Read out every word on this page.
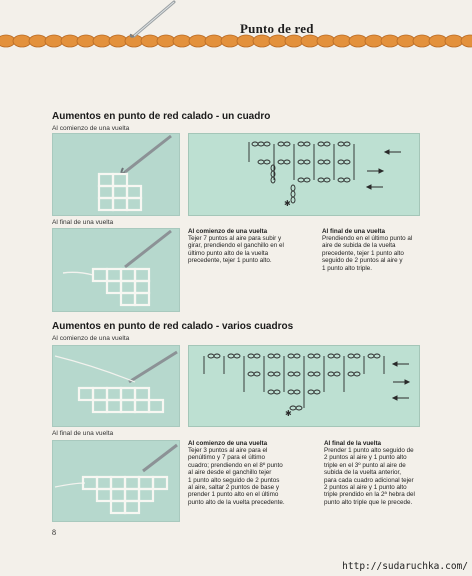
Punto de red
Aumentos en punto de red calado - un cuadro
Al comienzo de una vuelta
✱
Al final de una vuelta
Al comienzo de una vuelta
Tejer 7 puntos al aire para subir y
girar, prendiendo el ganchillo en el
último punto alto de la vuelta
precedente, tejer 1 punto alto.
Al final de una vuelta
Prendiendo en el último punto al
aire de subida de la vuelta
precedente, tejer 1 punto alto
seguido de 2 puntos al aire y
1 punto alto triple.
Aumentos en punto de red calado - varios cuadros
Al comienzo de una vuelta
✱
Al final de una vuelta
Al comienzo de una vuelta
Tejer 3 puntos al aire para el
penúltimo y 7 para el último
cuadro; prendiendo en el 8º punto
al aire desde el ganchillo tejer
1 punto alto seguido de 2 puntos
al aire, saltar 2 puntos de base y
prender 1 punto alto en el último
punto alto de la vuelta precedente.
Al final de la vuelta
Prender 1 punto alto seguido de
2 puntos al aire y 1 punto alto
triple en el 3º punto al aire de
subida de la vuelta anterior,
para cada cuadro adicional tejer
2 puntos al aire y 1 punto alto
triple prendido en la 2ª hebra del
punto alto triple que le precede.
8
http://sudaruchka.com/
